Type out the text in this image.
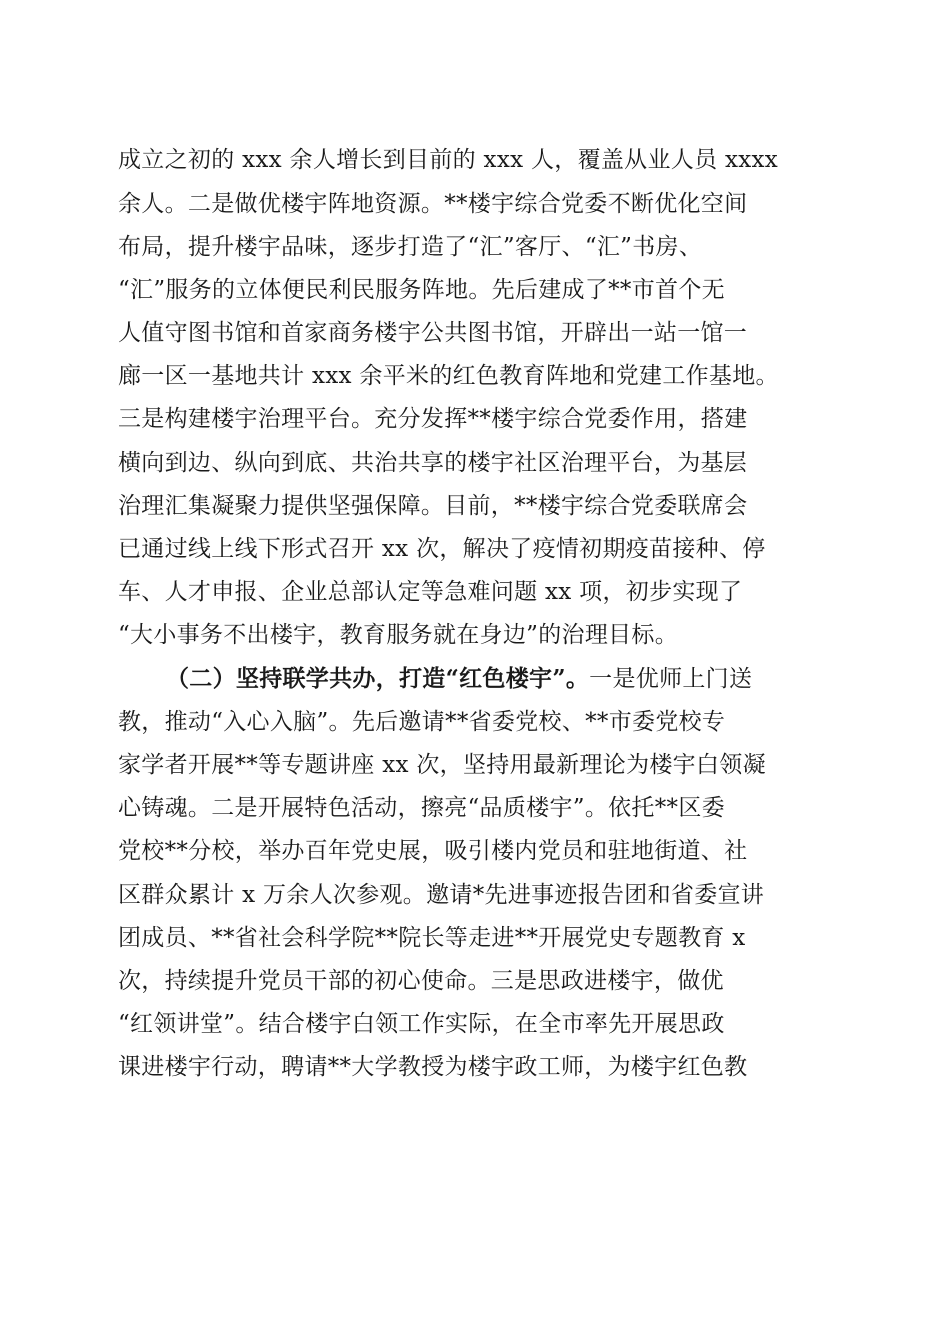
成立之初的 xxx 余人增长到目前的 xxx 人，覆盖从业人员 xxxx
余人。二是做优楼宇阵地资源。**楼宇综合党委不断优化空间
布局，提升楼宇品味，逐步打造了“汇”客厅、“汇”书房、
“汇”服务的立体便民利民服务阵地。先后建成了**市首个无
人值守图书馆和首家商务楼宇公共图书馆，开辟出一站一馆一
廊一区一基地共计 xxx 余平米的红色教育阵地和党建工作基地。
三是构建楼宇治理平台。充分发挥**楼宇综合党委作用，搭建
横向到边、纵向到底、共治共享的楼宇社区治理平台，为基层
治理汇集凝聚力提供坚强保障。目前，**楼宇综合党委联席会
已通过线上线下形式召开 xx 次，解决了疫情初期疫苗接种、停
车、人才申报、企业总部认定等急难问题 xx 项，初步实现了
“大小事务不出楼宇，教育服务就在身边”的治理目标。
（二）坚持联学共办，打造“红色楼宇”。一是优师上门送
教，推动“入心入脑”。先后邀请**省委党校、**市委党校专
家学者开展**等专题讲座 xx 次，坚持用最新理论为楼宇白领凝
心铸魂。二是开展特色活动，擦亮“品质楼宇”。依托**区委
党校**分校，举办百年党史展，吸引楼内党员和驻地街道、社
区群众累计 x 万余人次参观。邀请*先进事迹报告团和省委宣讲
团成员、**省社会科学院**院长等走进**开展党史专题教育 x
次，持续提升党员干部的初心使命。三是思政进楼宇，做优
“红领讲堂”。结合楼宇白领工作实际，在全市率先开展思政
课进楼宇行动，聘请**大学教授为楼宇政工师，为楼宇红色教
